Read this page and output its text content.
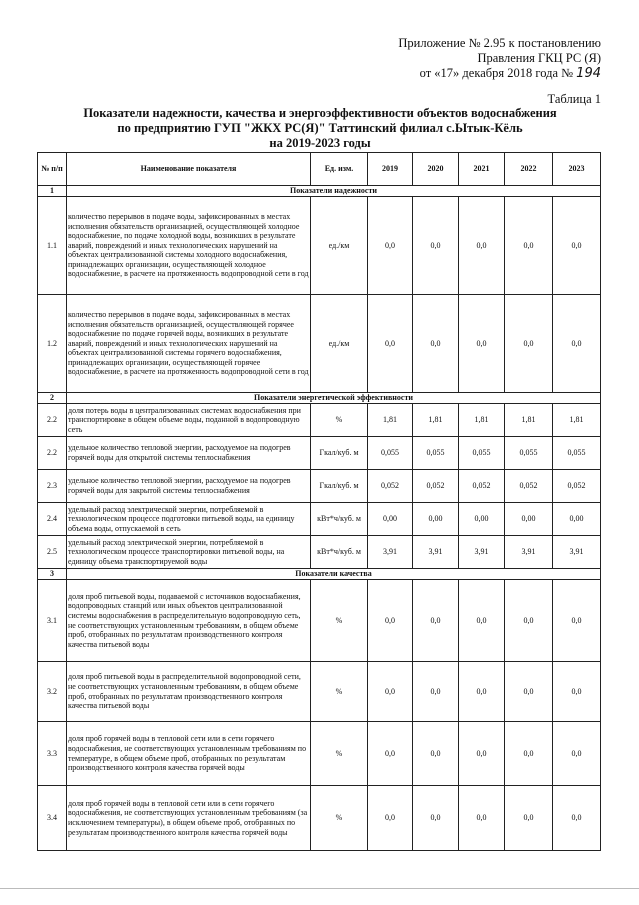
Приложение № 2.95 к постановлению
Правления ГКЦ РС (Я)
от «17» декабря 2018 года № 194
Таблица 1
Показатели надежности, качества и энергоэффективности объектов водоснабжения
по предприятию ГУП "ЖКХ РС(Я)" Таттинский филиал с.Ытык-Кёль
на 2019-2023 годы
№ п/п	Наименование показателя	Ед. изм.	2019	2020	2021	2022	2023
1	Показатели надежности						
1.1	количество перерывов в подаче воды, зафиксированных в местах исполнения обязательств организацией, осуществляющей холодное водоснабжение, по подаче холодной воды, возникших в результате аварий, повреждений и иных технологических нарушений на объектах централизованной системы холодного водоснабжения, принадлежащих организации, осуществляющей холодное водоснабжение, в расчете на протяженность водопроводной сети в год	ед./км	0,0	0,0	0,0	0,0	0,0
1.2	количество перерывов в подаче воды, зафиксированных в местах исполнения обязательств организацией, осуществляющей горячее водоснабжение по подаче горячей воды, возникших в результате аварий, повреждений и иных технологических нарушений на объектах централизованной системы горячего водоснабжения, принадлежащих организации, осуществляющей горячее водоснабжение, в расчете на протяженность водопроводной сети в год	ед./км	0,0	0,0	0,0	0,0	0,0
2	Показатели энергетической эффективности						
2.2	доля потерь воды в централизованных системах водоснабжения при транспортировке в общем объеме воды, поданной в водопроводную сеть	%	1,81	1,81	1,81	1,81	1,81
2.2	удельное количество тепловой энергии, расходуемое на подогрев горячей воды для открытой системы теплоснабжения	Гкал/куб. м	0,055	0,055	0,055	0,055	0,055
2.3	удельное количество тепловой энергии, расходуемое на подогрев горячей воды для закрытой системы теплоснабжения	Гкал/куб. м	0,052	0,052	0,052	0,052	0,052
2.4	удельный расход электрической энергии, потребляемой в технологическом процессе подготовки питьевой воды, на единицу объема воды, отпускаемой в сеть	кВт*ч/куб. м	0,00	0,00	0,00	0,00	0,00
2.5	удельный расход электрической энергии, потребляемой в технологическом процессе транспортировки питьевой воды, на единицу объема транспортируемой воды	кВт*ч/куб. м	3,91	3,91	3,91	3,91	3,91
3	Показатели качества						
3.1	доля проб питьевой воды, подаваемой с источников водоснабжения, водопроводных станций или иных объектов централизованной системы водоснабжения в распределительную водопроводную сеть, не соответствующих установленным требованиям, в общем объеме проб, отобранных по результатам производственного контроля качества питьевой воды	%	0,0	0,0	0,0	0,0	0,0
3.2	доля проб питьевой воды в распределительной водопроводной сети, не соответствующих установленным требованиям, в общем объеме проб, отобранных по результатам производственного контроля качества питьевой воды	%	0,0	0,0	0,0	0,0	0,0
3.3	доля проб горячей воды в тепловой сети или в сети горячего водоснабжения, не соответствующих установленным требованиям по температуре, в общем объеме проб, отобранных по результатам производственного контроля качества горячей воды	%	0,0	0,0	0,0	0,0	0,0
3.4	доля проб горячей воды в тепловой сети или в сети горячего водоснабжения, не соответствующих установленным требованиям (за исключением температуры), в общем объеме проб, отобранных по результатам производственного контроля качества горячей воды	%	0,0	0,0	0,0	0,0	0,0
